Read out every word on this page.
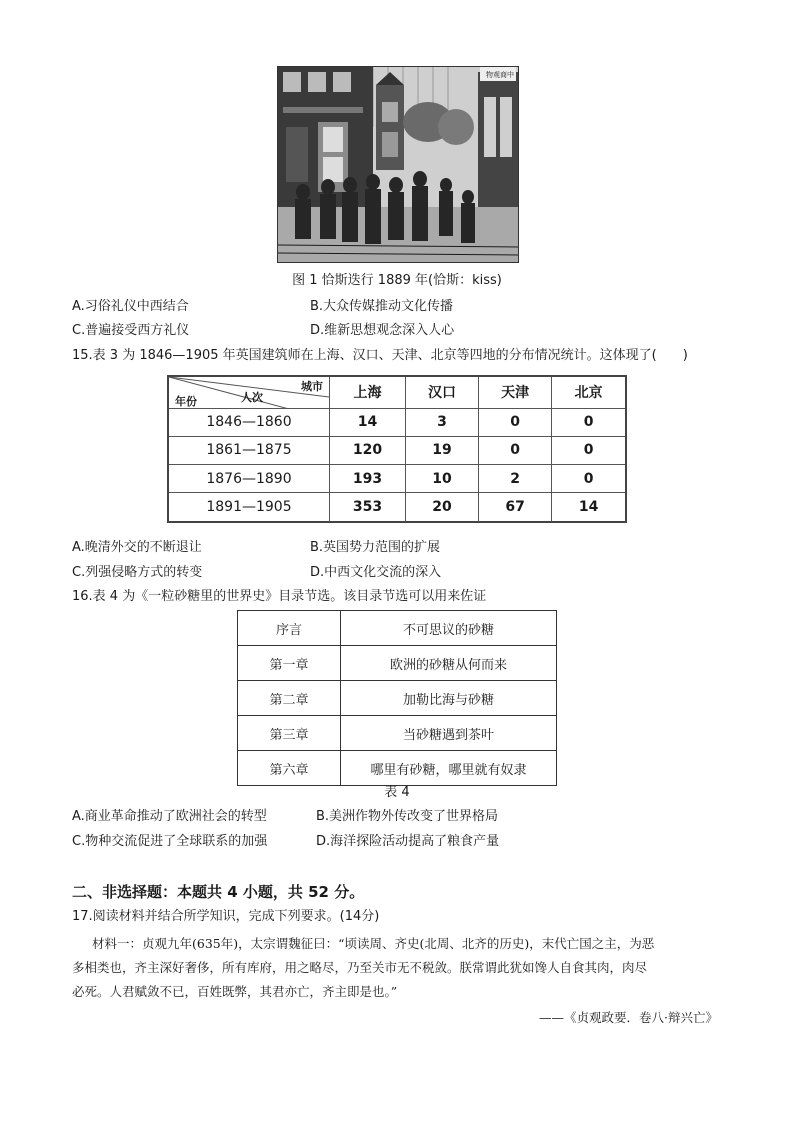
物观商中
图 1 恰斯迭行 1889 年(恰斯：kiss)
A.习俗礼仪中西结合	B.大众传媒推动文化传播
C.普遍接受西方礼仪	D.维新思想观念深入人心
15.表 3 为 1846—1905 年英国建筑师在上海、汉口、天津、北京等四地的分布情况统计。这体现了(　　)
城市
人次
年份	上海	汉口	天津	北京
1846—1860	14	3	0	0
1861—1875	120	19	0	0
1876—1890	193	10	2	0
1891—1905	353	20	67	14
A.晚清外交的不断退让	B.英国势力范围的扩展
C.列强侵略方式的转变	D.中西文化交流的深入
16.表 4 为《一粒砂糖里的世界史》目录节选。该目录节选可以用来佐证
序言	不可思议的砂糖
第一章	欧洲的砂糖从何而来
第二章	加勒比海与砂糖
第三章	当砂糖遇到茶叶
第六章	哪里有砂糖，哪里就有奴隶
表 4
A.商业革命推动了欧洲社会的转型	B.美洲作物外传改变了世界格局
C.物种交流促进了全球联系的加强	D.海洋探险活动提高了粮食产量
二、非选择题：本题共 4 小题，共 52 分。
17.阅读材料并结合所学知识，完成下列要求。(14分)
材料一：贞观九年(635年)，太宗谓魏征曰：“顷读周、齐史(北周、北齐的历史)，末代亡国之主，为恶
多相类也，齐主深好奢侈，所有库府，用之略尽，乃至关市无不税敛。朕常谓此犹如馋人自食其肉，肉尽
必死。人君赋敛不已，百姓既弊，其君亦亡，齐主即是也。”
——《贞观政要．卷八·辩兴亡》
